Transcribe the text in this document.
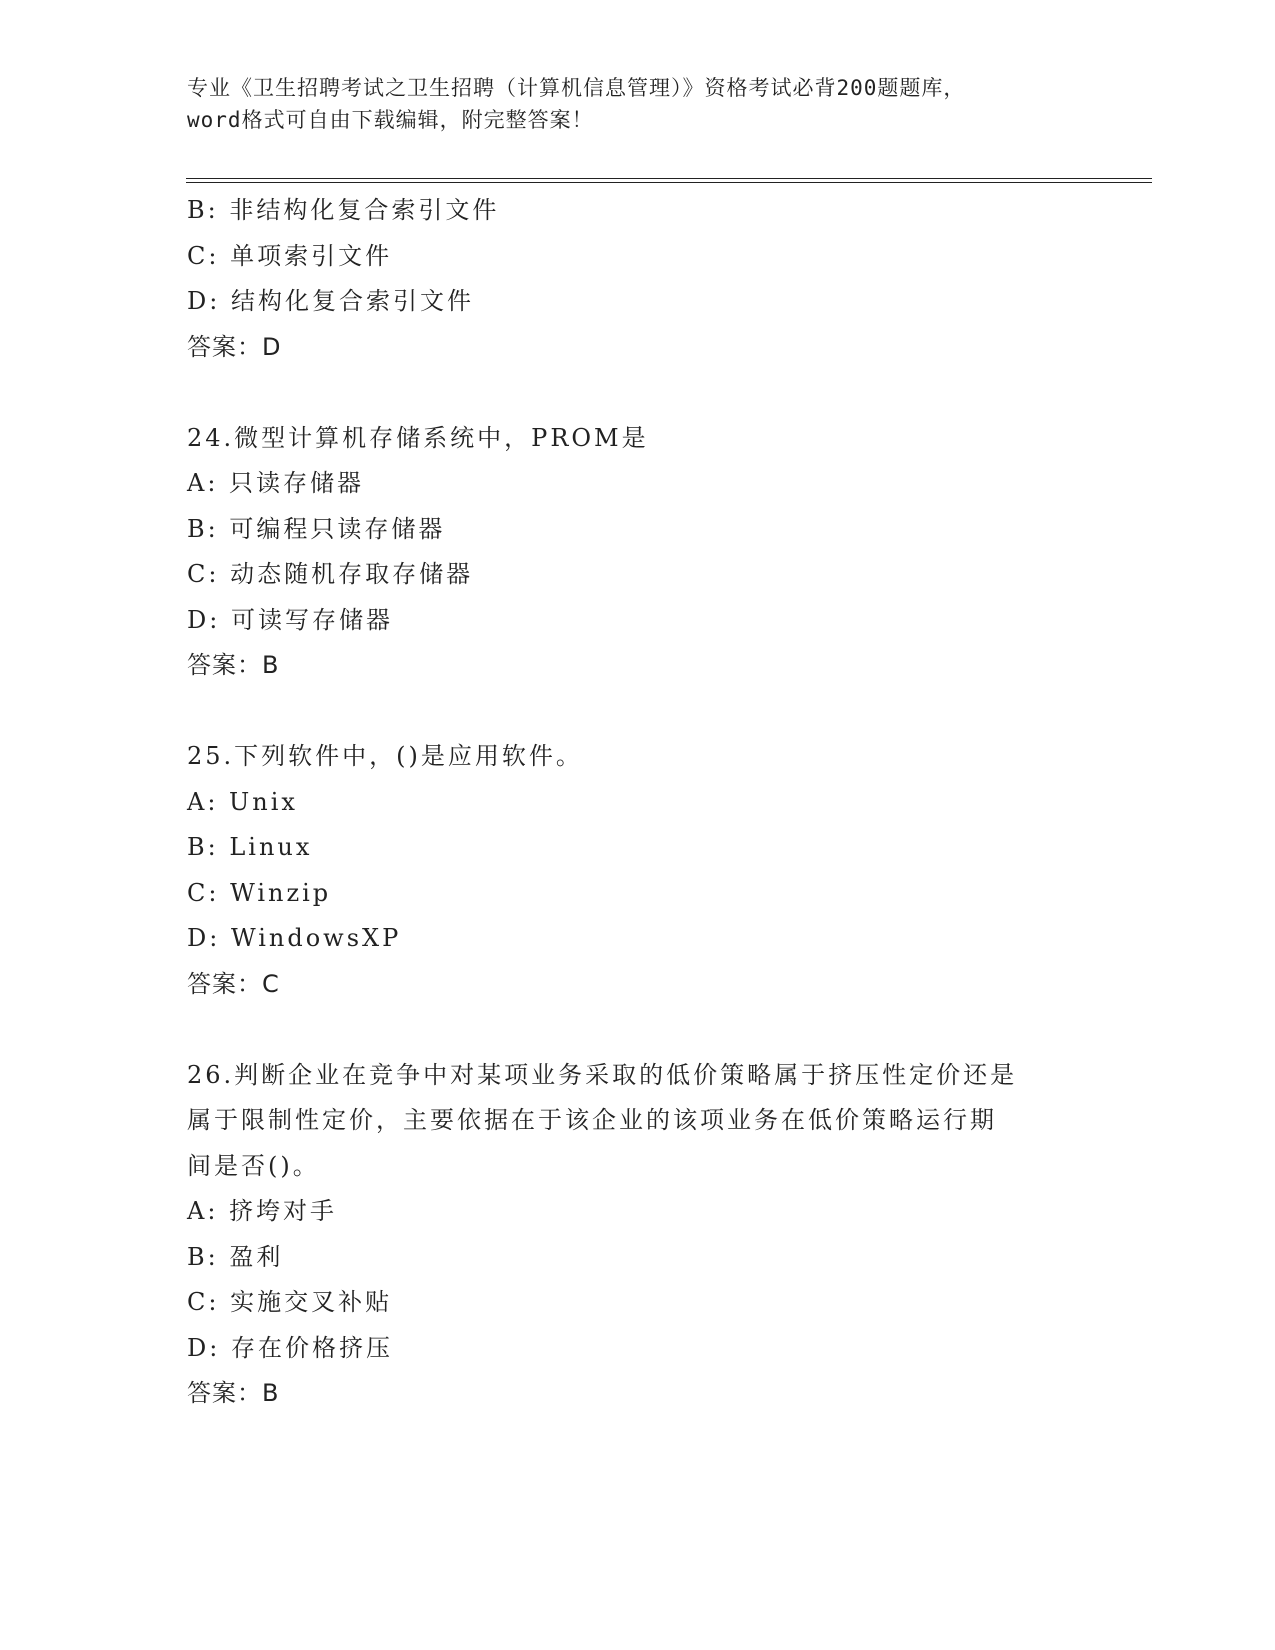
专业《卫生招聘考试之卫生招聘（计算机信息管理）》资格考试必背200题题库，
word格式可自由下载编辑，附完整答案！
B: 非结构化复合索引文件
C: 单项索引文件
D: 结构化复合索引文件
答案：D
24.微型计算机存储系统中，PROM是
A: 只读存储器
B: 可编程只读存储器
C: 动态随机存取存储器
D: 可读写存储器
答案：B
25.下列软件中，()是应用软件。
A: Unix
B: Linux
C: Winzip
D: WindowsXP
答案：C
26.判断企业在竞争中对某项业务采取的低价策略属于挤压性定价还是
属于限制性定价，主要依据在于该企业的该项业务在低价策略运行期
间是否()。
A: 挤垮对手
B: 盈利
C: 实施交叉补贴
D: 存在价格挤压
答案：B
